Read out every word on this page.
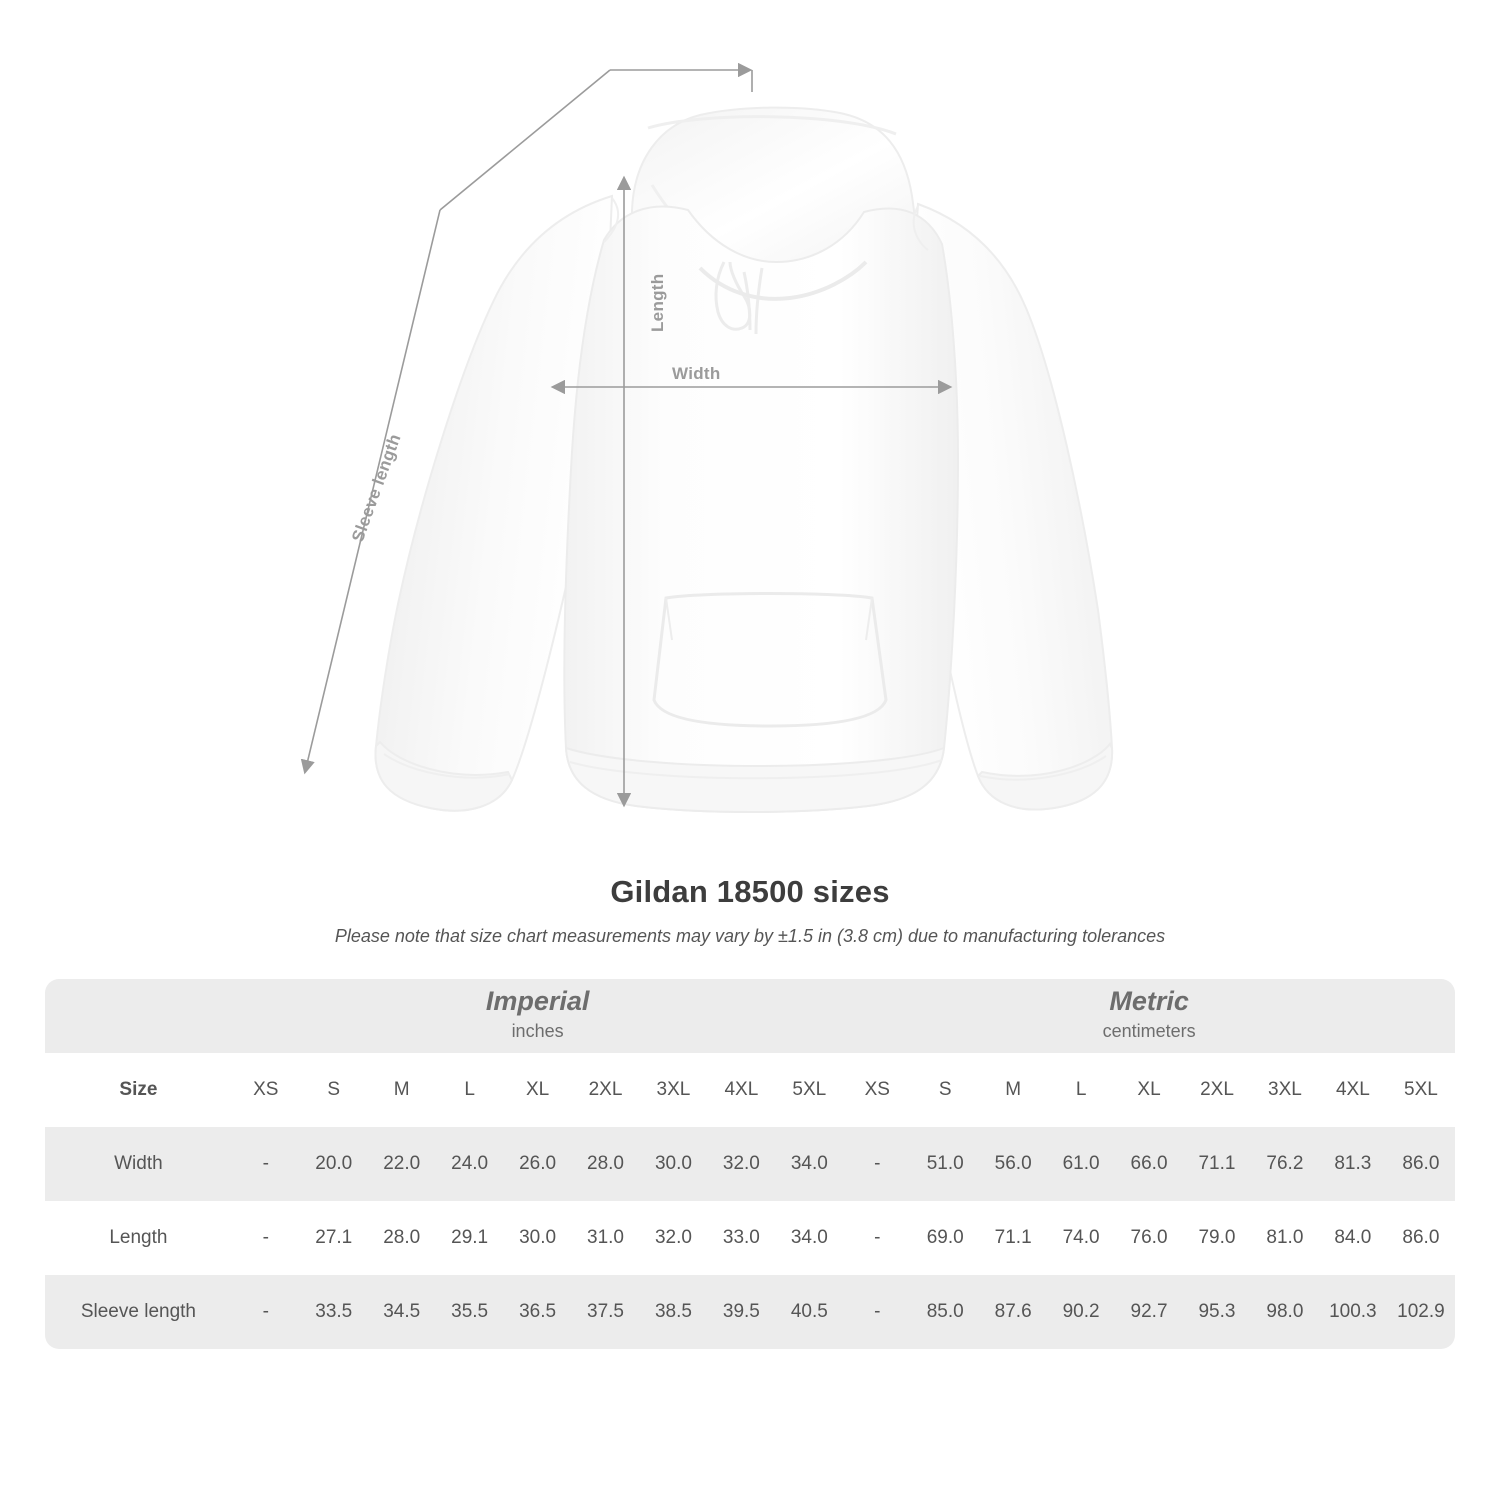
Length
Width
Sleeve length
Gildan 18500 sizes

Please note that size chart measurements may vary by ±1.5 in (3.8 cm) due to manufacturing tolerances

Imperial
inches

Metric
centimeters

Size	XS	S	M	L	XL	2XL	3XL	4XL	5XL	XS	S	M	L	XL	2XL	3XL	4XL	5XL
Width	-	20.0	22.0	24.0	26.0	28.0	30.0	32.0	34.0	-	51.0	56.0	61.0	66.0	71.1	76.2	81.3	86.0
Length	-	27.1	28.0	29.1	30.0	31.0	32.0	33.0	34.0	-	69.0	71.1	74.0	76.0	79.0	81.0	84.0	86.0
Sleeve length	-	33.5	34.5	35.5	36.5	37.5	38.5	39.5	40.5	-	85.0	87.6	90.2	92.7	95.3	98.0	100.3	102.9
